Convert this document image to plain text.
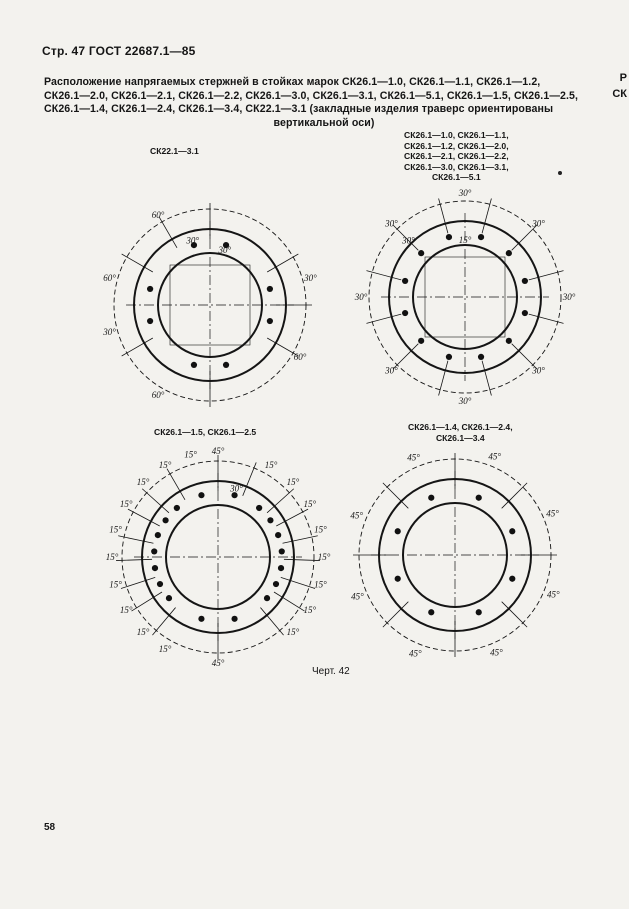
Стр. 47 ГОСТ 22687.1—85
Расположение напрягаемых стержней в стойках марок СК26.1—1.0, СК26.1—1.1, СК26.1—1.2,
СК26.1—2.0, СК26.1—2.1, СК26.1—2.2, СК26.1—3.0, СК26.1—3.1, СК26.1—5.1, СК26.1—1.5, СК26.1—2.5,
СК26.1—1.4, СК26.1—2.4, СК26.1—3.4, СК22.1—3.1 (закладные изделия траверс ориентированы
вертикальной оси)
Р
СК
СК22.1—3.1
60°
30°
30°
30°
60°
60°
30°
60°
СК26.1—1.0, СК26.1—1.1,
СК26.1—1.2, СК26.1—2.0,
СК26.1—2.1, СК26.1—2.2,
СК26.1—3.0, СК26.1—3.1,
СК26.1—5.1
30°
15°
30°
30°
30°
30°
30°
30°
30°
30°
СК26.1—1.5, СК26.1—2.5
45°
30°
15°
15°
15°
15°
15°
15°
15°
15°
15°
15°
15°
15°
15°
15°
15°
15°
15°
15°
45°
СК26.1—1.4, СК26.1—2.4,
СК26.1—3.4
45°	45°
45°
45°
45°
45°
45°
45°
Черт. 42
58
